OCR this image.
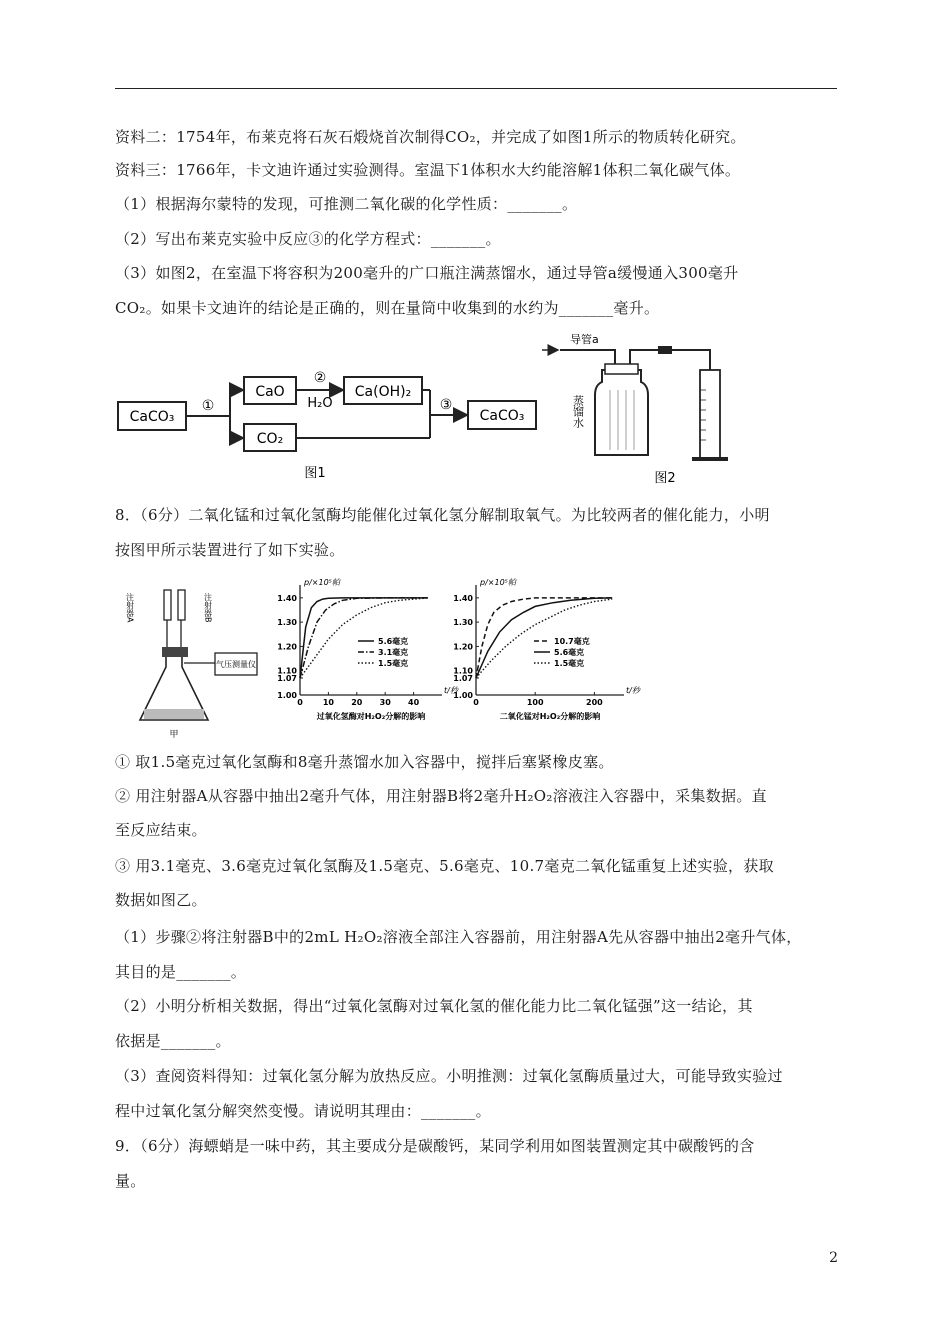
资料二：1754年，布莱克将石灰石煅烧首次制得CO₂，并完成了如图1所示的物质转化研究。
资料三：1766年，卡文迪许通过实验测得。室温下1体积水大约能溶解1体积二氧化碳气体。
（1）根据海尔蒙特的发现，可推测二氧化碳的化学性质：_______。
（2）写出布莱克实验中反应③的化学方程式：_______。
（3）如图2，在室温下将容积为200毫升的广口瓶注满蒸馏水，通过导管a缓慢通入300毫升
CO₂。如果卡文迪许的结论是正确的，则在量筒中收集到的水约为_______毫升。
CaCO₃
①
CaO
②
H₂O
Ca(OH)₂
CO₂
③
CaCO₃
图1
导管a
蒸馏水
图2
8．（6分）二氧化锰和过氧化氢酶均能催化过氧化氢分解制取氧气。为比较两者的催化能力，小明
按图甲所示装置进行了如下实验。
注射器A	注射器B
气压测量仪
甲
p/×10⁵帕
t/秒
1.00
1.07
1.10
1.20
1.30
1.40
0	10 20 30 40
过氧化氢酶对H₂O₂分解的影响
5.6毫克
3.1毫克
1.5毫克
p/×10⁵帕
t/秒
1.00
1.07
1.10
1.20
1.30
1.40
0	100	200
二氧化锰对H₂O₂分解的影响
10.7毫克
5.6毫克
1.5毫克
① 取1.5毫克过氧化氢酶和8毫升蒸馏水加入容器中，搅拌后塞紧橡皮塞。
② 用注射器A从容器中抽出2毫升气体，用注射器B将2毫升H₂O₂溶液注入容器中，采集数据。直
至反应结束。
③ 用3.1毫克、3.6毫克过氧化氢酶及1.5毫克、5.6毫克、10.7毫克二氧化锰重复上述实验，获取
数据如图乙。
（1）步骤②将注射器B中的2mL H₂O₂溶液全部注入容器前，用注射器A先从容器中抽出2毫升气体，
其目的是_______。
（2）小明分析相关数据，得出“过氧化氢酶对过氧化氢的催化能力比二氧化锰强”这一结论，其
依据是_______。
（3）查阅资料得知：过氧化氢分解为放热反应。小明推测：过氧化氢酶质量过大，可能导致实验过
程中过氧化氢分解突然变慢。请说明其理由：_______。
9．（6分）海螵蛸是一味中药，其主要成分是碳酸钙，某同学利用如图装置测定其中碳酸钙的含
量。
2
